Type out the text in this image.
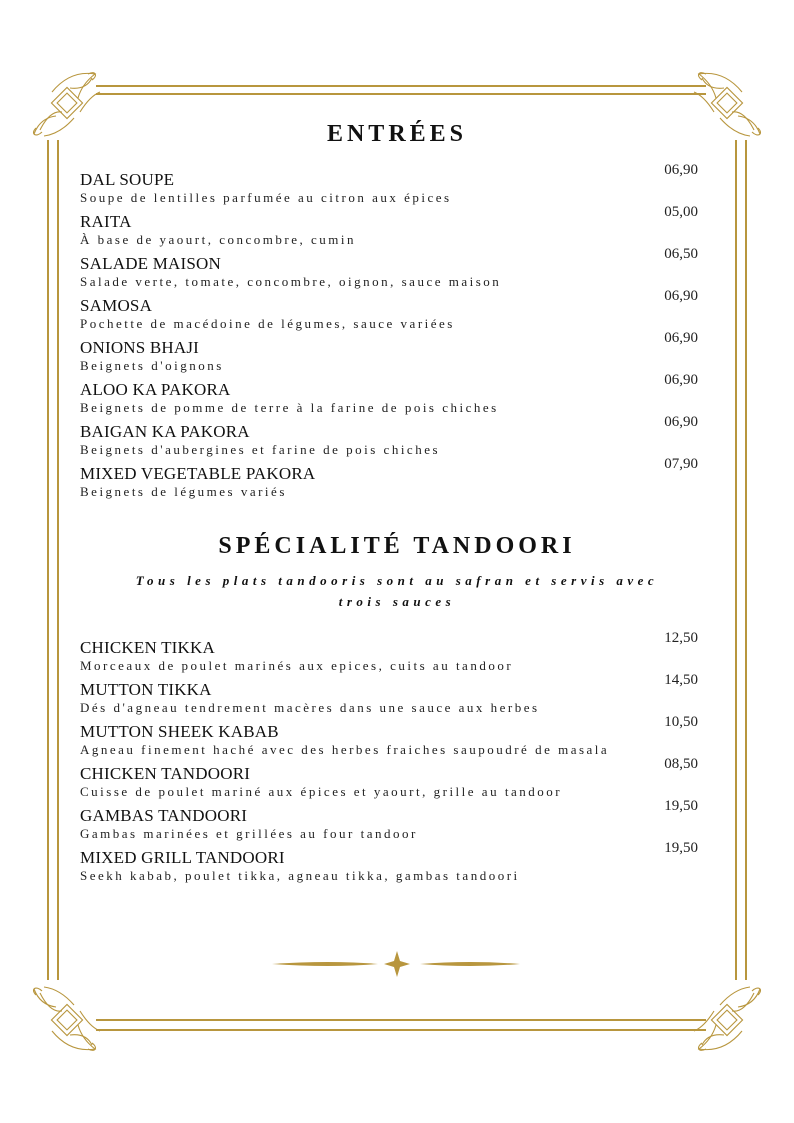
ENTRÉES
DAL SOUPE
Soupe de lentilles parfumée au citron aux épices
06,90
RAITA
À base de yaourt, concombre, cumin
05,00
SALADE MAISON
Salade verte, tomate, concombre, oignon, sauce maison
06,50
SAMOSA
Pochette de macédoine de légumes, sauce variées
06,90
ONIONS BHAJI
Beignets d'oignons
06,90
ALOO KA PAKORA
Beignets de pomme de terre à la farine de pois chiches
06,90
BAIGAN KA PAKORA
Beignets d'aubergines et farine de pois chiches
06,90
MIXED VEGETABLE PAKORA
Beignets de légumes variés
07,90
SPÉCIALITÉ TANDOORI
Tous les plats tandooris sont au safran et servis avec trois sauces
CHICKEN TIKKA
Morceaux de poulet marinés aux epices, cuits au tandoor
12,50
MUTTON TIKKA
Dés d'agneau tendrement macères dans une sauce aux herbes
14,50
MUTTON SHEEK KABAB
Agneau finement haché avec des herbes fraiches saupoudré de masala
10,50
CHICKEN TANDOORI
Cuisse de poulet mariné aux épices et yaourt, grille au tandoor
08,50
GAMBAS TANDOORI
Gambas marinées et grillées au four tandoor
19,50
MIXED GRILL TANDOORI
Seekh kabab, poulet tikka, agneau tikka, gambas tandoori
19,50
